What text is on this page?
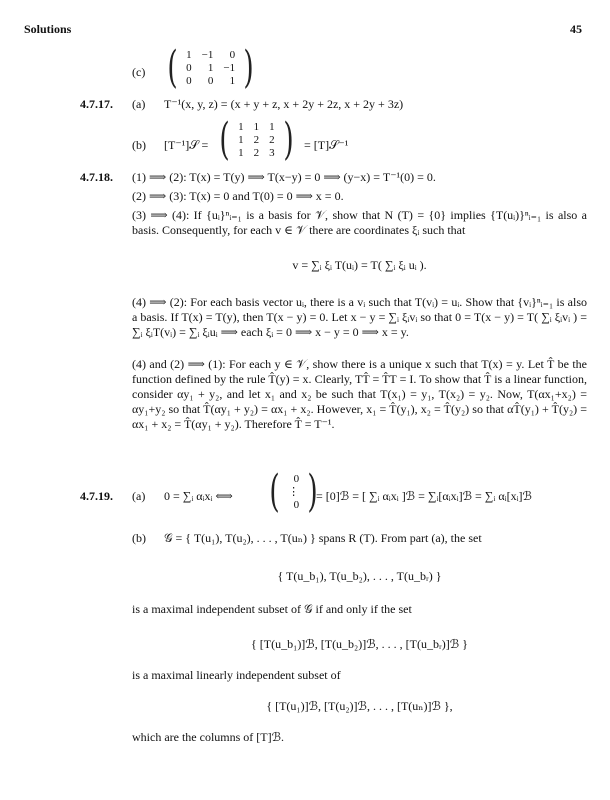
Solutions	45
(c) ( 1	−1	0
0	1	−1
0	0	1 )
4.7.17. (a) T⁻¹(x, y, z) = (x + y + z, x + 2y + 2z, x + 2y + 3z)
(b) [T⁻¹]𝒮 = ( 1	1	1
1	2	2
1	2	3 ) = [T]𝒮⁻¹
4.7.18. (1) ⟹ (2): T(x) = T(y) ⟹ T(x−y) = 0 ⟹ (y−x) = T⁻¹(0) = 0.
(2) ⟹ (3): T(x) = 0 and T(0) = 0 ⟹ x = 0.
(3) ⟹ (4): If {uᵢ}ⁿᵢ₌₁ is a basis for 𝒱, show that N (T) = {0} implies {T(uᵢ)}ⁿᵢ₌₁ is also a basis. Consequently, for each v ∈ 𝒱 there are coordinates ξᵢ such that
v = ∑ᵢ ξᵢ T(uᵢ) = T( ∑ᵢ ξᵢ uᵢ ).
(4) ⟹ (2): For each basis vector uᵢ, there is a vᵢ such that T(vᵢ) = uᵢ. Show that {vᵢ}ⁿᵢ₌₁ is also a basis. If T(x) = T(y), then T(x − y) = 0. Let x − y = ∑ᵢ ξᵢvᵢ so that 0 = T(x − y) = T( ∑ᵢ ξᵢvᵢ ) = ∑ᵢ ξᵢT(vᵢ) = ∑ᵢ ξᵢuᵢ ⟹ each ξᵢ = 0 ⟹ x − y = 0 ⟹ x = y.
(4) and (2) ⟹ (1): For each y ∈ 𝒱, show there is a unique x such that T(x) = y. Let T̂ be the function defined by the rule T̂(y) = x. Clearly, TT̂ = T̂T = I. To show that T̂ is a linear function, consider αy₁ + y₂, and let x₁ and x₂ be such that T(x₁) = y₁, T(x₂) = y₂. Now, T(αx₁+x₂) = αy₁+y₂ so that T̂(αy₁ + y₂) = αx₁ + x₂. However, x₁ = T̂(y₁), x₂ = T̂(y₂) so that αT̂(y₁) + T̂(y₂) = αx₁ + x₂ = T̂(αy₁ + y₂). Therefore T̂ = T⁻¹.
4.7.19. (a) 0 = ∑ᵢ αᵢxᵢ ⟺ ( 0
⋮
0 )
= [0]ℬ = [ ∑ᵢ αᵢxᵢ ]ℬ = ∑ᵢ[αᵢxᵢ]ℬ = ∑ᵢ αᵢ[xᵢ]ℬ
(b) 𝒢 = { T(u₁), T(u₂), . . . , T(uₙ) } spans R (T). From part (a), the set
{ T(u_b₁), T(u_b₂), . . . , T(u_bᵣ) }
is a maximal independent subset of 𝒢 if and only if the set
{ [T(u_b₁)]ℬ, [T(u_b₂)]ℬ, . . . , [T(u_bᵣ)]ℬ }
is a maximal linearly independent subset of
{ [T(u₁)]ℬ, [T(u₂)]ℬ, . . . , [T(uₙ)]ℬ },
which are the columns of [T]ℬ.
